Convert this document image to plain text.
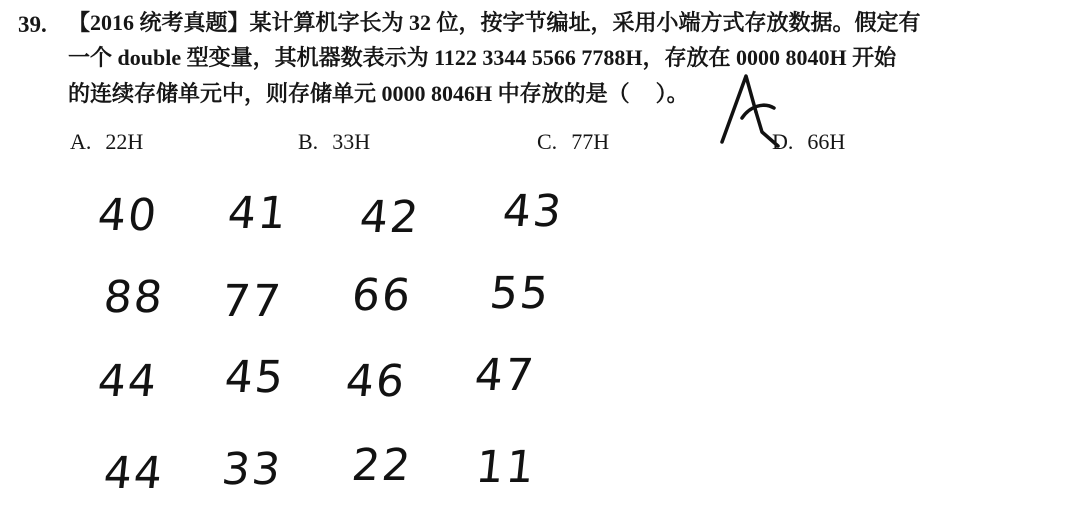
39. 【2016 统考真题】某计算机字长为 32 位，按字节编址，采用小端方式存放数据。假定有
一个 double 型变量，其机器数表示为 1122 3344 5566 7788H，存放在 0000 8040H 开始
的连续存储单元中，则存储单元 0000 8046H 中存放的是（ ）。
A
A. 22H	B. 33H	C. 77H	D. 66H
40 41 42 43
88 77 66 55
44 45 46 47
44 33 22 11
